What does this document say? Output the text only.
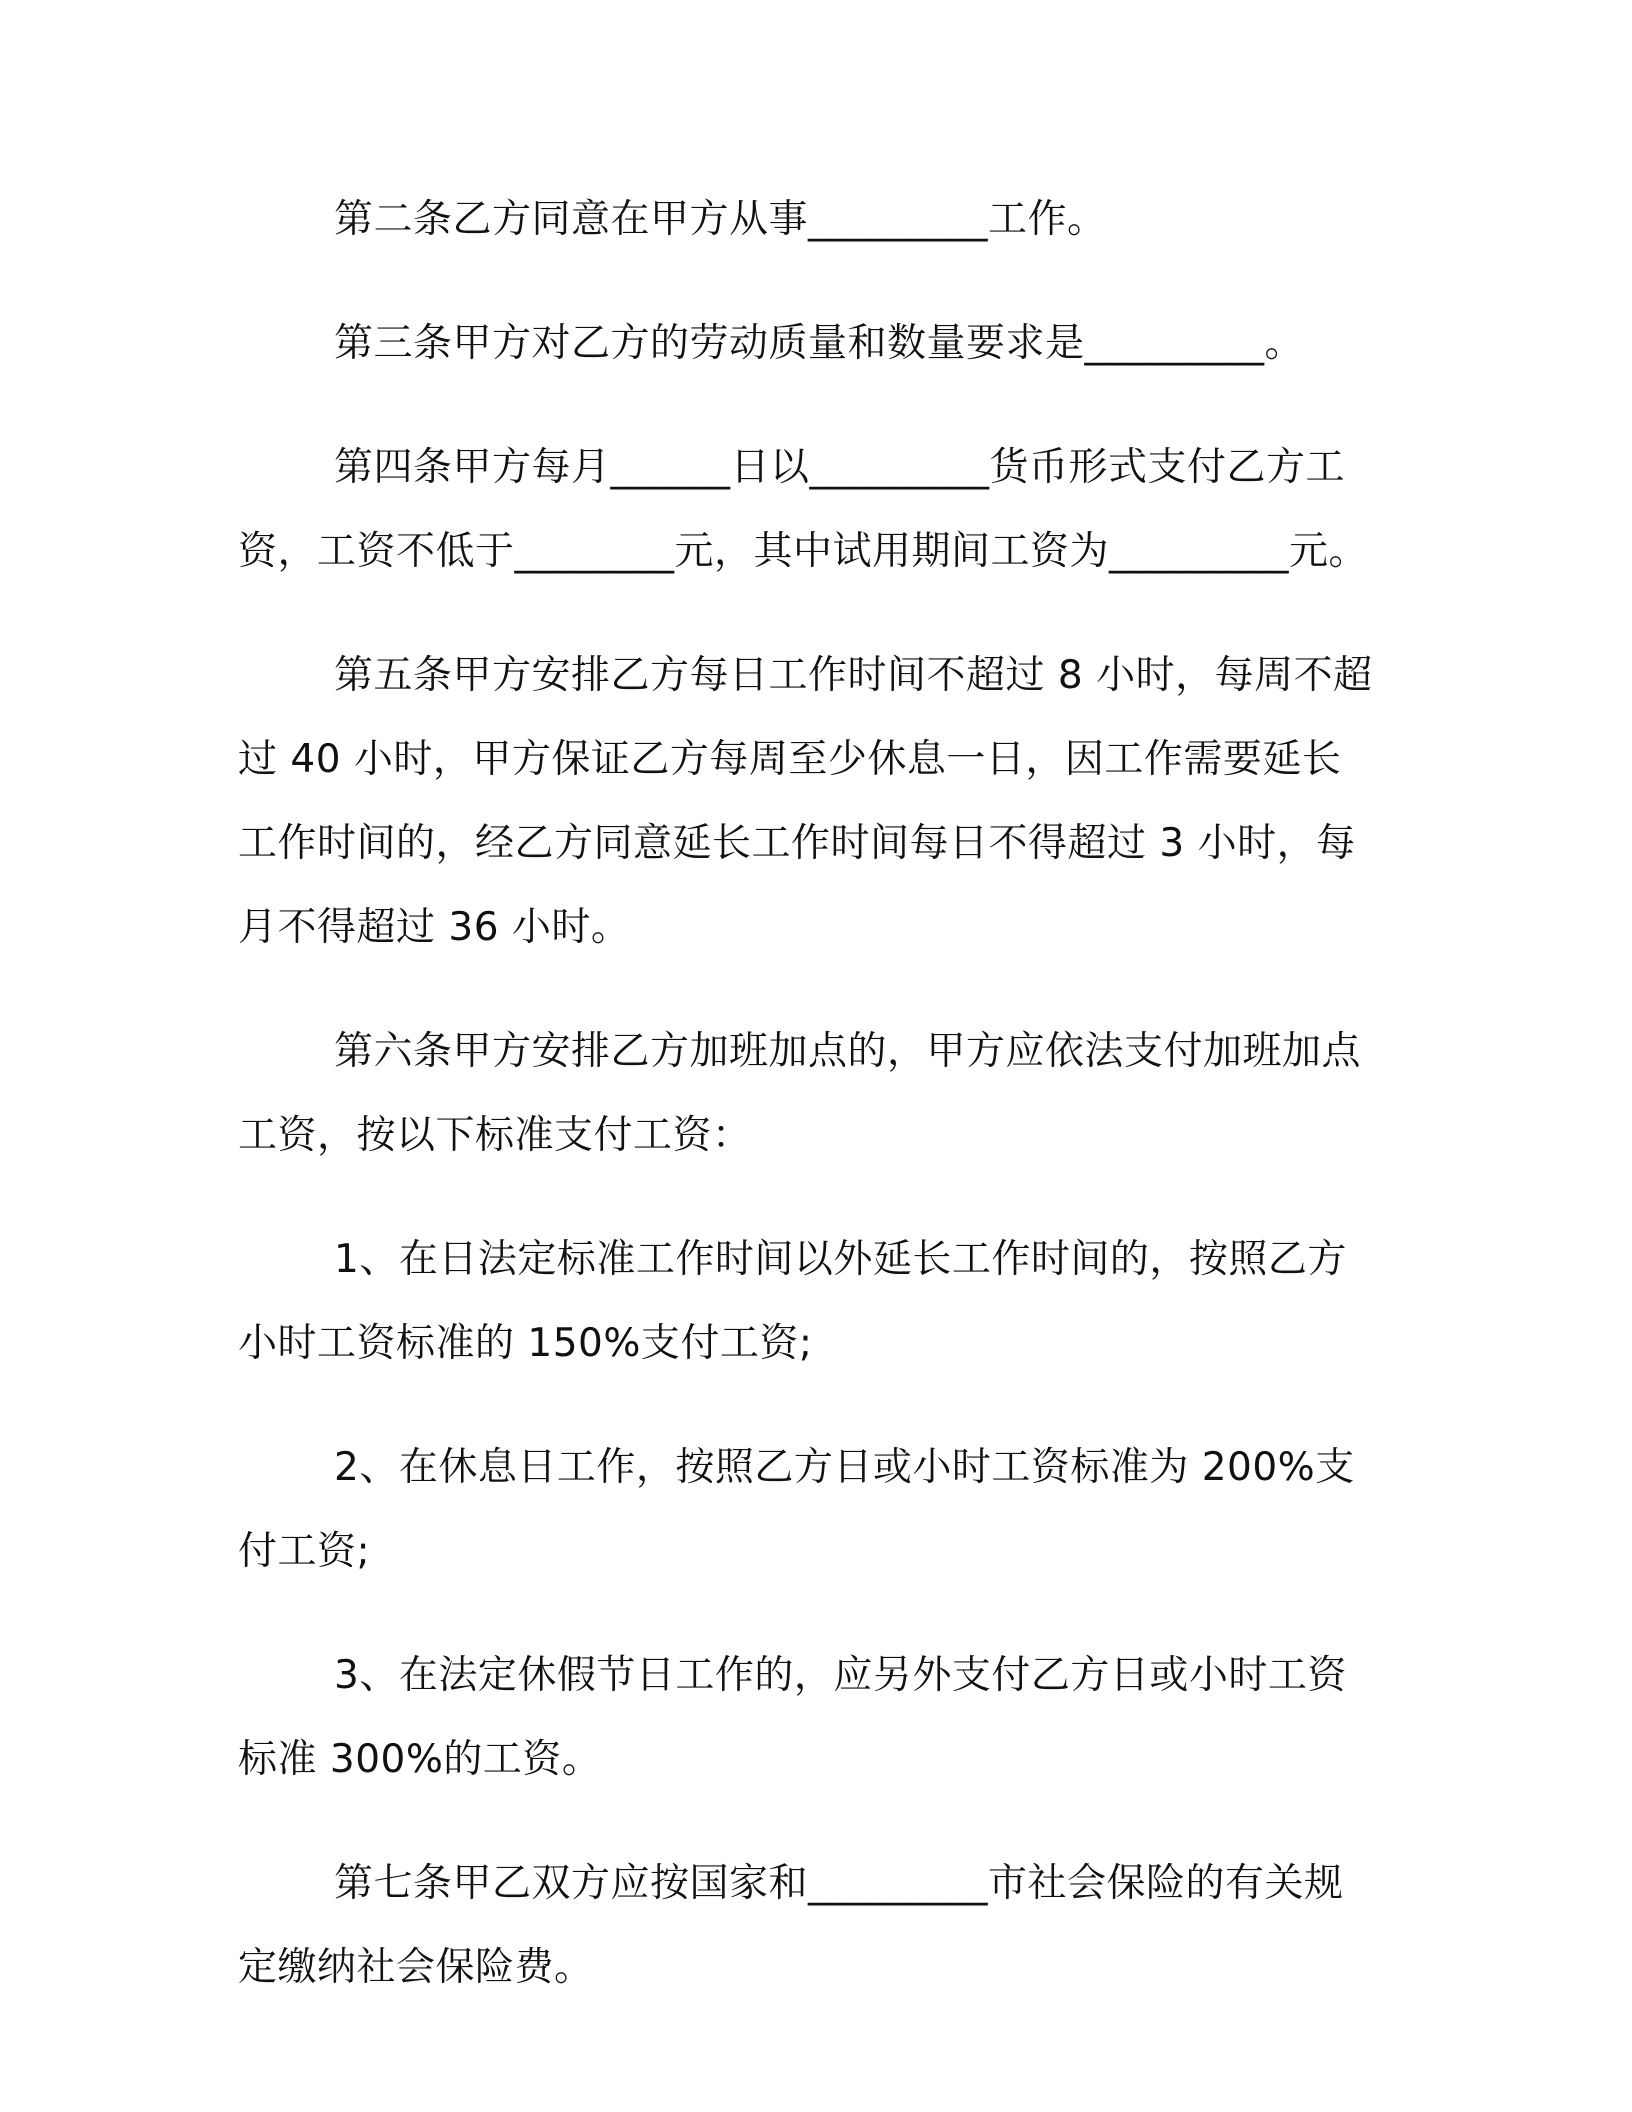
第二条乙方同意在甲方从事_________工作。

第三条甲方对乙方的劳动质量和数量要求是_________。

第四条甲方每月______日以_________货币形式支付乙方工资，工资不低于________元，其中试用期间工资为_________元。

第五条甲方安排乙方每日工作时间不超过 8 小时，每周不超过 40 小时，甲方保证乙方每周至少休息一日，因工作需要延长工作时间的，经乙方同意延长工作时间每日不得超过 3 小时，每月不得超过 36 小时。

第六条甲方安排乙方加班加点的，甲方应依法支付加班加点工资，按以下标准支付工资：

1、在日法定标准工作时间以外延长工作时间的，按照乙方小时工资标准的 150%支付工资;

2、在休息日工作，按照乙方日或小时工资标准为 200%支付工资;

3、在法定休假节日工作的，应另外支付乙方日或小时工资标准 300%的工资。

第七条甲乙双方应按国家和_________市社会保险的有关规定缴纳社会保险费。
